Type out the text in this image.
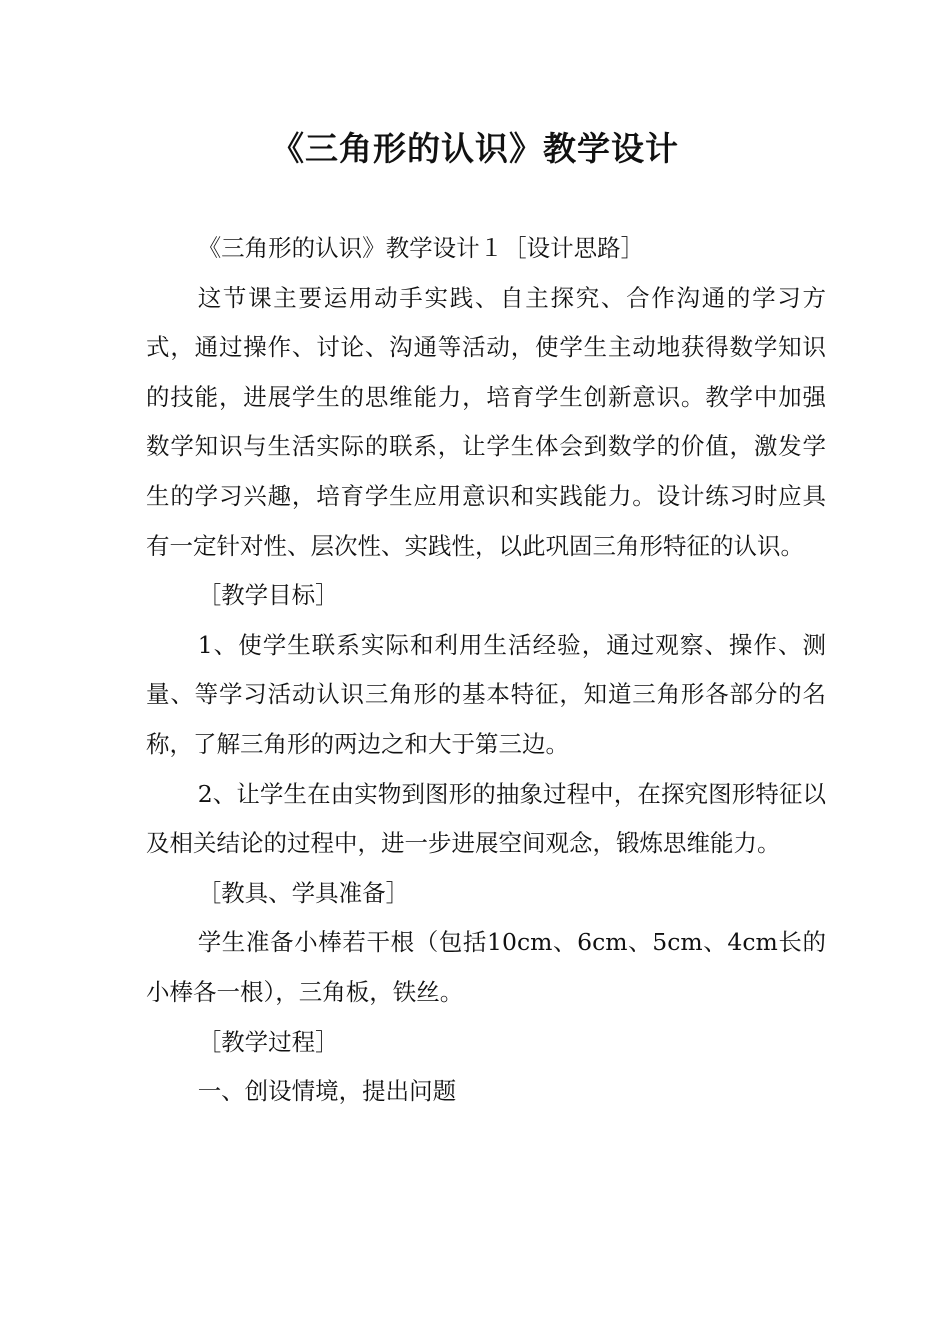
《三角形的认识》教学设计

《三角形的认识》教学设计１［设计思路］

这节课主要运用动手实践、自主探究、合作沟通的学习方式，通过操作、讨论、沟通等活动，使学生主动地获得数学知识的技能，进展学生的思维能力，培育学生创新意识。教学中加强数学知识与生活实际的联系，让学生体会到数学的价值，激发学生的学习兴趣，培育学生应用意识和实践能力。设计练习时应具有一定针对性、层次性、实践性，以此巩固三角形特征的认识。

［教学目标］

1、使学生联系实际和利用生活经验，通过观察、操作、测量、等学习活动认识三角形的基本特征，知道三角形各部分的名称，了解三角形的两边之和大于第三边。

2、让学生在由实物到图形的抽象过程中，在探究图形特征以及相关结论的过程中，进一步进展空间观念，锻炼思维能力。

［教具、学具准备］

学生准备小棒若干根（包括10cm、6cm、5cm、4cm长的小棒各一根），三角板，铁丝。

［教学过程］

一、创设情境，提出问题
